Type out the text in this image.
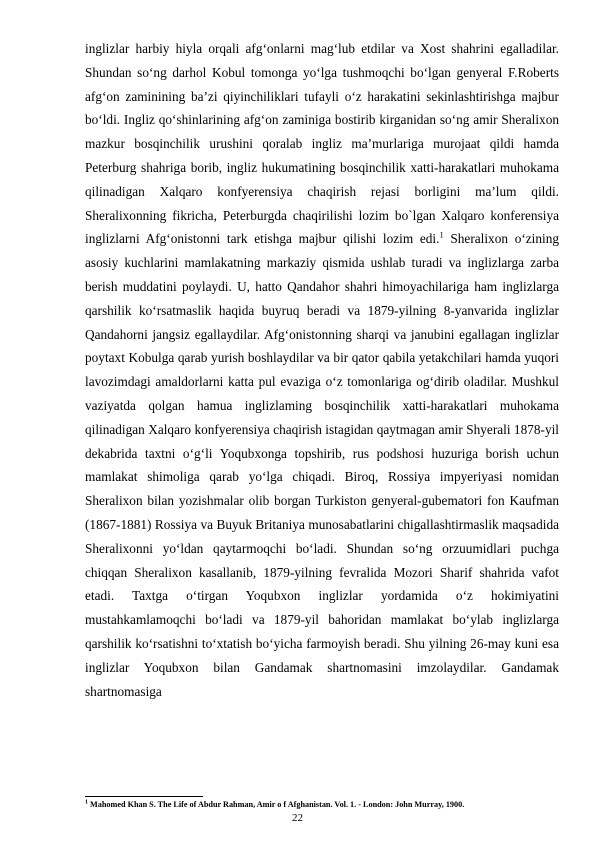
inglizlar harbiy hiyla orqali afg‘onlarni mag‘lub etdilar va Xost shahrini egalladilar. Shundan so‘ng darhol Kobul tomonga yo‘lga tushmoqchi bo‘lgan genyeral F.Roberts afg‘on zaminining ba’zi qiyinchiliklari tufayli o‘z harakatini sekinlashtirishga majbur bo‘ldi. Ingliz qo‘shinlarining afg‘on zaminiga bostirib kirganidan so‘ng amir Sheralixon mazkur bosqinchilik urushini qoralab ingliz ma’murlariga murojaat qildi hamda Peterburg shahriga borib, ingliz hukumatining bosqinchilik xatti-harakatlari muhokama qilinadigan Xalqaro konfyerensiya chaqirish rejasi borligini ma’lum qildi. Sheralixonning fikricha, Peterburgda chaqirilishi lozim bo`lgan Xalqaro konferensiya inglizlarni Afg‘onistonni tark etishga majbur qilishi lozim edi.$^1$ Sheralixon o‘zining asosiy kuchlarini mamlakatning markaziy qismida ushlab turadi va inglizlarga zarba berish muddatini poylaydi. U, hatto Qandahor shahri himoyachilariga ham inglizlarga qarshilik ko‘rsatmaslik haqida buyruq beradi va 1879-yilning 8-yanvarida inglizlar Qandahorni jangsiz egallaydilar. Afg‘onistonning sharqi va janubini egallagan inglizlar poytaxt Kobulga qarab yurish boshlaydilar va bir qator qabila yetakchilari hamda yuqori lavozimdagi amaldorlarni katta pul evaziga o‘z tomonlariga og‘dirib oladilar. Mushkul vaziyatda qolgan hamua inglizlaming bosqinchilik xatti-harakatlari muhokama qilinadigan Xalqaro konfyerensiya chaqirish istagidan qaytmagan amir Shyerali 1878-yil dekabrida taxtni o‘g‘li Yoqubxonga topshirib, rus podshosi huzuriga borish uchun mamlakat shimoliga qarab yo‘lga chiqadi. Biroq, Rossiya impyeriyasi nomidan Sheralixon bilan yozishmalar olib borgan Turkiston genyeral-gubematori fon Kaufman (1867-1881) Rossiya va Buyuk Britaniya munosabatlarini chigallashtirmaslik maqsadida Sheralixonni yo‘ldan qaytarmoqchi bo‘ladi. Shundan so‘ng orzuumidlari puchga chiqqan Sheralixon kasallanib, 1879-yilning fevralida Mozori Sharif shahrida vafot etadi. Taxtga o‘tirgan Yoqubxon inglizlar yordamida o‘z hokimiyatini mustahkamlamoqchi bo‘ladi va 1879-yil bahoridan mamlakat bo‘ylab inglizlarga qarshilik ko‘rsatishni to‘xtatish bo‘yicha farmoyish beradi. Shu yilning 26-may kuni esa inglizlar Yoqubxon bilan Gandamak shartnomasini imzolaydilar. Gandamak shartnomasiga

$^1$ Mahomed Khan S. The Life of Abdur Rahman, Amir o f Afghanistan. Vol. 1. - London: John Murray, 1900.
22
